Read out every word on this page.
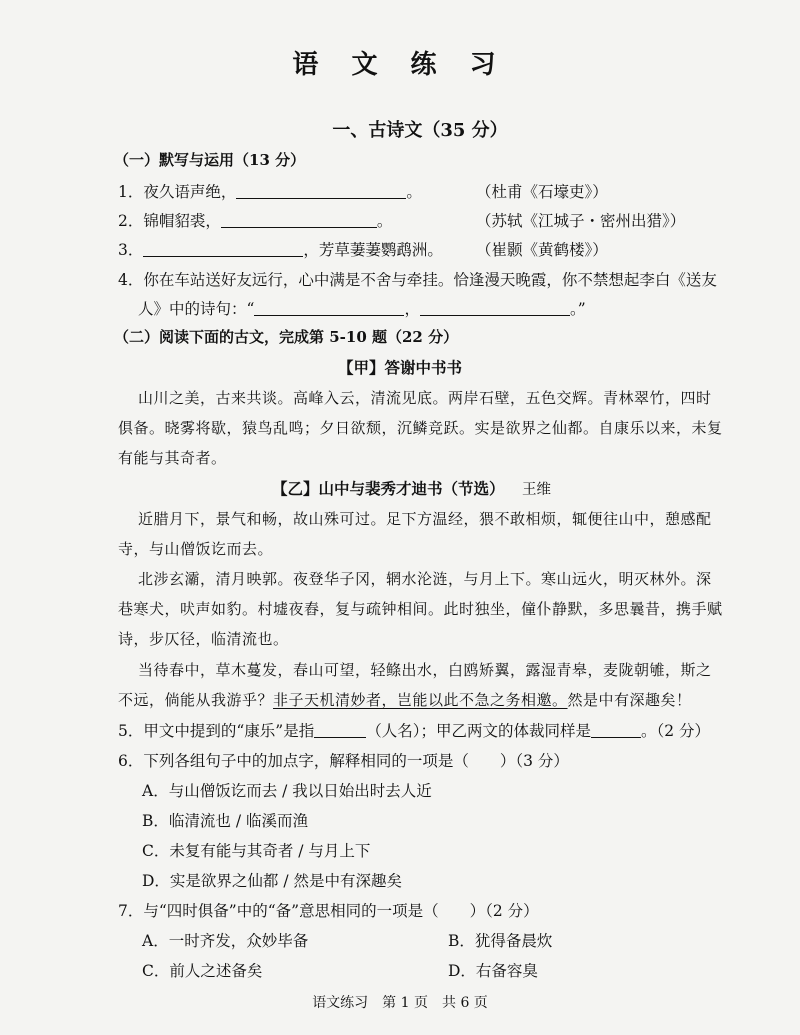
语 文 练 习
一、古诗文（35 分）
（一）默写与运用（13 分）
1．夜久语声绝，	。	（杜甫《石壕吏》）
2．锦帽貂裘，	。	（苏轼《江城子・密州出猎》）
3．	，芳草萋萋鹦鹉洲。 （崔颢《黄鹤楼》）
4．你在车站送好友远行，心中满是不舍与牵挂。恰逢漫天晚霞，你不禁想起李白《送友
人》中的诗句：“	，	。”
（二）阅读下面的古文，完成第 5-10 题（22 分）
【甲】答谢中书书
山川之美，古来共谈。高峰入云，清流见底。两岸石壁，五色交辉。青林翠竹，四时
俱备。晓雾将歇，猿鸟乱鸣；夕日欲颓，沉鳞竞跃。实是欲界之仙都。自康乐以来，未复
有能与其奇者。
【乙】山中与裴秀才迪书（节选） 王维
近腊月下，景气和畅，故山殊可过。足下方温经，猥不敢相烦，辄便往山中，憩感配
寺，与山僧饭讫而去。
北涉玄灞，清月映郭。夜登华子冈，辋水沦涟，与月上下。寒山远火，明灭林外。深
巷寒犬，吠声如豹。村墟夜舂，复与疏钟相间。此时独坐，僮仆静默，多思曩昔，携手赋
诗，步仄径，临清流也。
当待春中，草木蔓发，春山可望，轻鲦出水，白鸥矫翼，露湿青皋，麦陇朝雊，斯之
不远，倘能从我游乎？非子天机清妙者，岂能以此不急之务相邀。然是中有深趣矣！
5．甲文中提到的“康乐”是指	（人名）；甲乙两文的体裁同样是	。（2 分）
6．下列各组句子中的加点字，解释相同的一项是（　　）（3 分）
A．与山僧饭讫而去 / 我以日始出时去人近
B．临清流也 / 临溪而渔
C．未复有能与其奇者 / 与月上下
D．实是欲界之仙都 / 然是中有深趣矣
7．与“四时俱备”中的“备”意思相同的一项是（　　）（2 分）
A．一时齐发，众妙毕备	B．犹得备晨炊
C．前人之述备矣	D．右备容臭
语文练习　第 1 页　共 6 页
